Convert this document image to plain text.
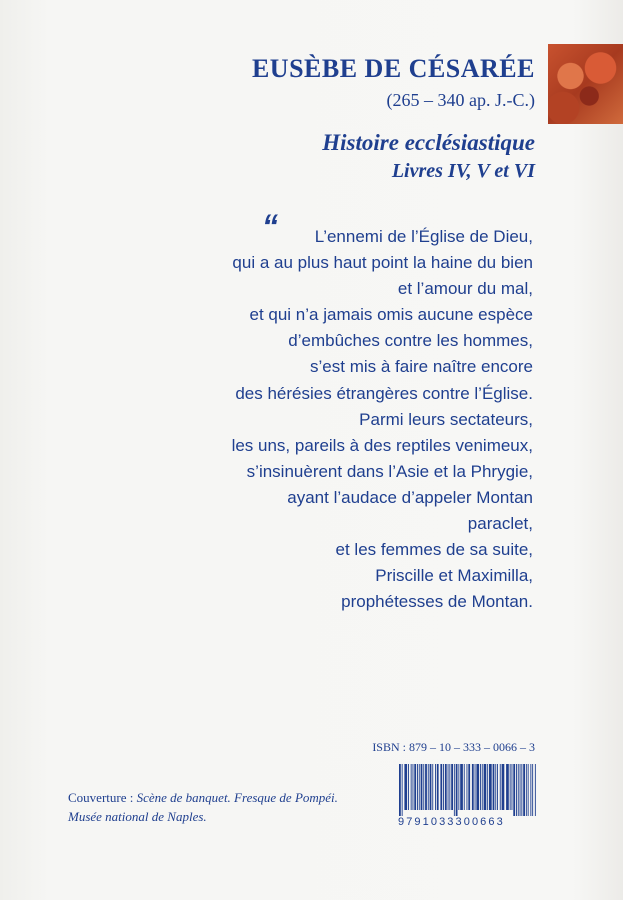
EUSÈBE DE CÉSARÉE
(265 – 340 ap. J.-C.)
Histoire ecclésiastique
Livres IV, V et VI
“	L’ennemi de l’Église de Dieu,
qui a au plus haut point la haine du bien
et l’amour du mal,
et qui n’a jamais omis aucune espèce
d’embûches contre les hommes,
s’est mis à faire naître encore
des hérésies étrangères contre l’Église.
Parmi leurs sectateurs,
les uns, pareils à des reptiles venimeux,
s’insinuèrent dans l’Asie et la Phrygie,
ayant l’audace d’appeler Montan
paraclet,
et les femmes de sa suite,
Priscille et Maximilla,
prophétesses de Montan.
ISBN : 879 – 10 – 333 – 0066 – 3
9791033300663
Couverture : Scène de banquet. Fresque de Pompéi.
Musée national de Naples.
